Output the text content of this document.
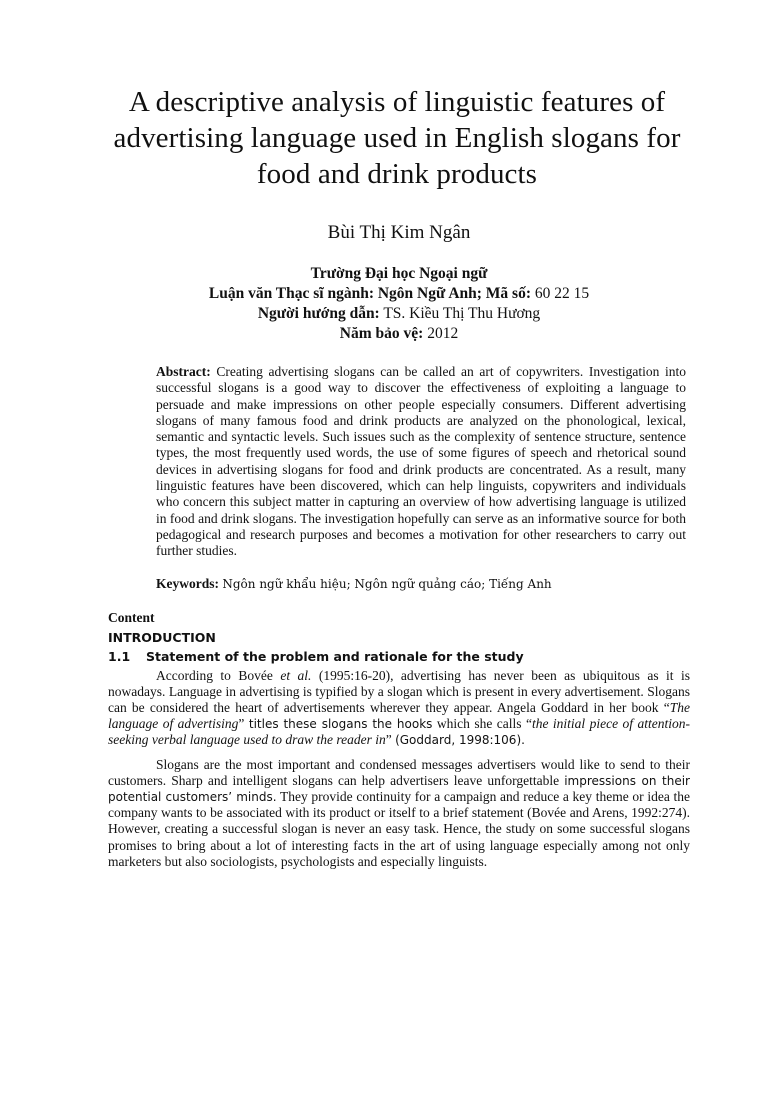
A descriptive analysis of linguistic features of advertising language used in English slogans for food and drink products
Bùi Thị Kim Ngân
Trường Đại học Ngoại ngữ
Luận văn Thạc sĩ ngành: Ngôn Ngữ Anh; Mã số: 60 22 15
Người hướng dẫn: TS. Kiều Thị Thu Hương
Năm bảo vệ: 2012
Abstract: Creating advertising slogans can be called an art of copywriters. Investigation into successful slogans is a good way to discover the effectiveness of exploiting a language to persuade and make impressions on other people especially consumers. Different advertising slogans of many famous food and drink products are analyzed on the phonological, lexical, semantic and syntactic levels. Such issues such as the complexity of sentence structure, sentence types, the most frequently used words, the use of some figures of speech and rhetorical sound devices in advertising slogans for food and drink products are concentrated. As a result, many linguistic features have been discovered, which can help linguists, copywriters and individuals who concern this subject matter in capturing an overview of how advertising language is utilized in food and drink slogans. The investigation hopefully can serve as an informative source for both pedagogical and research purposes and becomes a motivation for other researchers to carry out further studies.
Keywords: Ngôn ngữ khẩu hiệu; Ngôn ngữ quảng cáo; Tiếng Anh
Content
INTRODUCTION
1.1 Statement of the problem and rationale for the study
According to Bovée et al. (1995:16-20), advertising has never been as ubiquitous as it is nowadays. Language in advertising is typified by a slogan which is present in every advertisement. Slogans can be considered the heart of advertisements wherever they appear. Angela Goddard in her book “The language of advertising” titles these slogans the hooks which she calls “the initial piece of attention-seeking verbal language used to draw the reader in” (Goddard, 1998:106).
Slogans are the most important and condensed messages advertisers would like to send to their customers. Sharp and intelligent slogans can help advertisers leave unforgettable impressions on their potential customers’ minds. They provide continuity for a campaign and reduce a key theme or idea the company wants to be associated with its product or itself to a brief statement (Bovée and Arens, 1992:274). However, creating a successful slogan is never an easy task. Hence, the study on some successful slogans promises to bring about a lot of interesting facts in the art of using language especially among not only marketers but also sociologists, psychologists and especially linguists.
